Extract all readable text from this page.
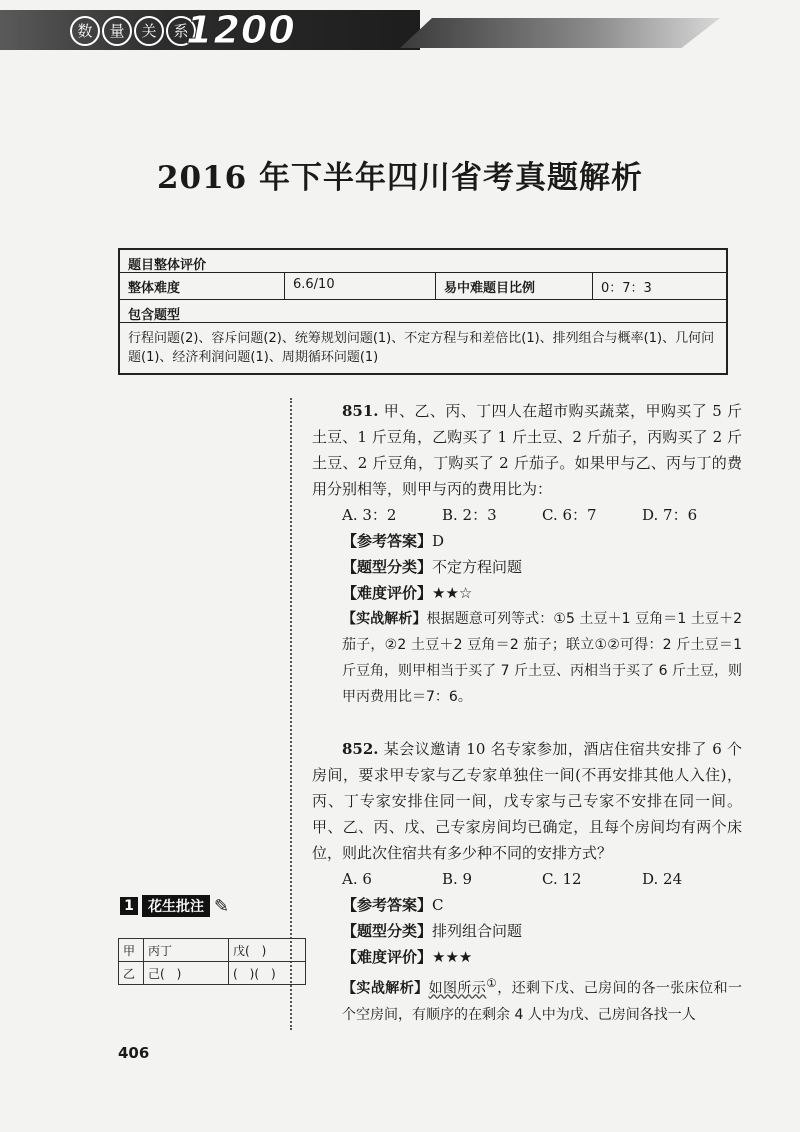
数	量	关	系
1200
2016 年下半年四川省考真题解析
题目整体评价
整体难度	6.6/10	易中难题目比例	0：7：3
包含题型
行程问题(2)、容斥问题(2)、统筹规划问题(1)、不定方程与和差倍比(1)、排列组合与概率(1)、几何问题(1)、经济利润问题(1)、周期循环问题(1)

851. 甲、乙、丙、丁四人在超市购买蔬菜，甲购买了 5 斤土豆、1 斤豆角，乙购买了 1 斤土豆、2 斤茄子，丙购买了 2 斤土豆、2 斤豆角，丁购买了 2 斤茄子。如果甲与乙、丙与丁的费用分别相等，则甲与丙的费用比为：

A. 3：2	B. 2：3	C. 6：7	D. 7：6
【参考答案】D
【题型分类】不定方程问题
【难度评价】★★☆
【实战解析】根据题意可列等式：①5 土豆＋1 豆角＝1 土豆＋2 茄子，②2 土豆＋2 豆角＝2 茄子；联立①②可得：2 斤土豆＝1 斤豆角，则甲相当于买了 7 斤土豆、丙相当于买了 6 斤土豆，则甲丙费用比＝7：6。

852. 某会议邀请 10 名专家参加，酒店住宿共安排了 6 个房间，要求甲专家与乙专家单独住一间(不再安排其他人入住)，丙、丁专家安排住同一间，戊专家与己专家不安排在同一间。甲、乙、丙、戊、己专家房间均已确定，且每个房间均有两个床位，则此次住宿共有多少种不同的安排方式？

A. 6	B. 9	C. 12	D. 24
【参考答案】C
【题型分类】排列组合问题
【难度评价】★★★
【实战解析】如图所示①，还剩下戊、己房间的各一张床位和一个空房间，有顺序的在剩余 4 人中为戊、己房间各找一人
1	花生批注 ✎
甲	丙丁	戊(　)
乙	己(　)	(　)(　)
406
